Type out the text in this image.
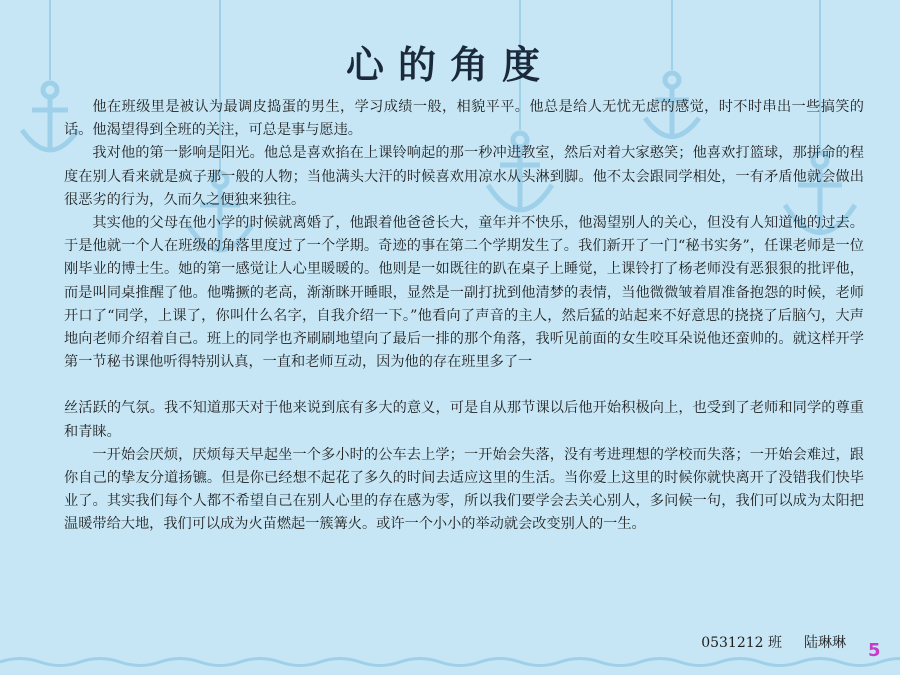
心的角度

他在班级里是被认为最调皮捣蛋的男生，学习成绩一般，相貌平平。他总是给人无忧无虑的感觉，时不时串出一些搞笑的话。他渴望得到全班的关注，可总是事与愿违。

我对他的第一影响是阳光。他总是喜欢掐在上课铃响起的那一秒冲进教室，然后对着大家憨笑；他喜欢打篮球，那拼命的程度在别人看来就是疯子那一般的人物；当他满头大汗的时候喜欢用凉水从头淋到脚。他不太会跟同学相处，一有矛盾他就会做出很恶劣的行为，久而久之便独来独往。

其实他的父母在他小学的时候就离婚了，他跟着他爸爸长大，童年并不快乐，他渴望别人的关心，但没有人知道他的过去。于是他就一个人在班级的角落里度过了一个学期。奇迹的事在第二个学期发生了。我们新开了一门“秘书实务”，任课老师是一位刚毕业的博士生。她的第一感觉让人心里暖暖的。他则是一如既往的趴在桌子上睡觉，上课铃打了杨老师没有恶狠狠的批评他，而是叫同桌推醒了他。他嘴撅的老高，渐渐眯开睡眼，显然是一副打扰到他清梦的表情，当他微微皱着眉准备抱怨的时候，老师开口了“同学，上课了，你叫什么名字，自我介绍一下。”他看向了声音的主人，然后猛的站起来不好意思的挠挠了后脑勺，大声地向老师介绍着自己。班上的同学也齐刷刷地望向了最后一排的那个角落，我听见前面的女生咬耳朵说他还蛮帅的。就这样开学第一节秘书课他听得特别认真，一直和老师互动，因为他的存在班里多了一

丝活跃的气氛。我不知道那天对于他来说到底有多大的意义，可是自从那节课以后他开始积极向上，也受到了老师和同学的尊重和青睐。

一开始会厌烦，厌烦每天早起坐一个多小时的公车去上学；一开始会失落，没有考进理想的学校而失落；一开始会难过，跟你自己的挚友分道扬镳。但是你已经想不起花了多久的时间去适应这里的生活。当你爱上这里的时候你就快离开了没错我们快毕业了。其实我们每个人都不希望自己在别人心里的存在感为零，所以我们要学会去关心别人，多问候一句，我们可以成为太阳把温暖带给大地，我们可以成为火苗燃起一簇篝火。或许一个小小的举动就会改变别人的一生。

0531212 班 陆琳琳 5
